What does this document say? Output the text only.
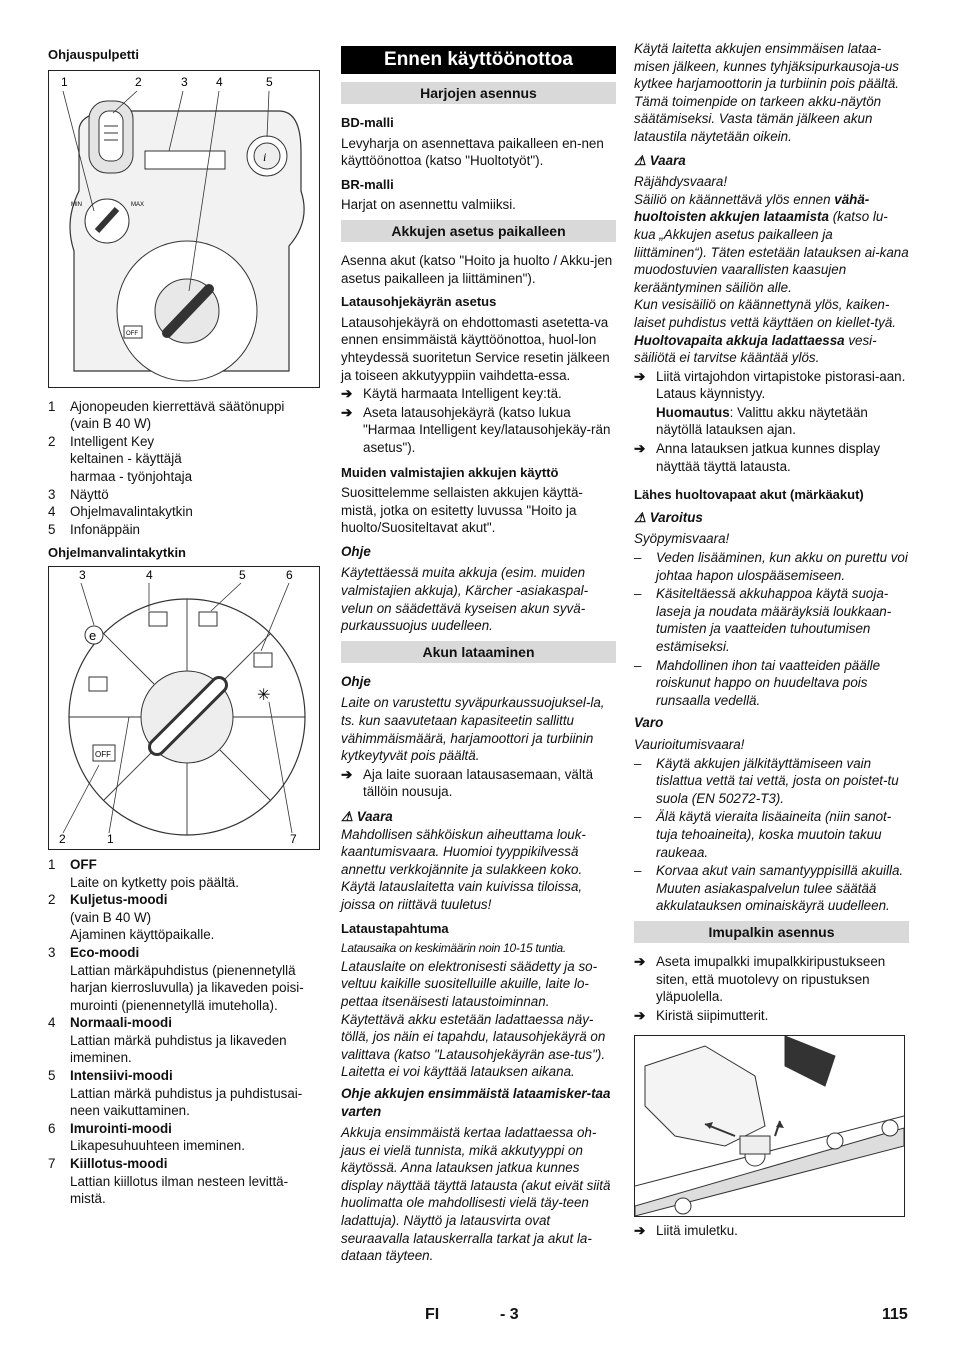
Ohjauspulpetti
1	2	3 4	5
i
MIN	MAX
OFF
1	Ajonopeuden kierrettävä säätönuppi
(vain B 40 W)
2	Intelligent Key
keltainen - käyttäjä
harmaa - työnjohtaja
3	Näyttö
4	Ohjelmavalintakytkin
5	Infonäppäin
Ohjelmanvalintakytkin
3	4	5	6
2	1	7
e
OFF
✳
1	OFF
Laite on kytketty pois päältä.
2	Kuljetus-moodi
(vain B 40 W)
Ajaminen käyttöpaikalle.
3	Eco-moodi
Lattian märkäpuhdistus (pienennetyllä harjan kierrosluvulla) ja likaveden poisi-murointi (pienennetyllä imuteholla).
4	Normaali-moodi
Lattian märkä puhdistus ja likaveden imeminen.
5	Intensiivi-moodi
Lattian märkä puhdistus ja puhdistusai-neen vaikuttaminen.
6	Imurointi-moodi
Likapesuhuuhteen imeminen.
7	Kiillotus-moodi
Lattian kiillotus ilman nesteen levittä-mistä.
Ennen käyttöönottoa
Harjojen asennus
BD-malli

Levyharja on asennettava paikalleen en-nen käyttöönottoa (katso "Huoltotyöt").

BR-malli

Harjat on asennettu valmiiksi.

Akkujen asetus paikalleen

Asenna akut (katso "Hoito ja huolto / Akku-jen asetus paikalleen ja liittäminen").

Latausohjekäyrän asetus

Latausohjekäyrä on ehdottomasti asetetta-va ennen ensimmäistä käyttöönottoa, huol-lon yhteydessä suoritetun Service resetin jälkeen ja toiseen akkutyyppiin vaihdetta-essa.

➔ Käytä harmaata Intelligent key:tä.
➔ Aseta latausohjekäyrä (katso lukua "Harmaa Intelligent key/latausohjekäy-rän asetus").
Muiden valmistajien akkujen käyttö

Suosittelemme sellaisten akkujen käyttä-mistä, jotka on esitetty luvussa "Hoito ja huolto/Suositeltavat akut".

Ohje

Käytettäessä muita akkuja (esim. muiden valmistajien akkuja), Kärcher -asiakaspal-velun on säädettävä kyseisen akun syvä-purkaussuojus uudelleen.

Akun lataaminen

Ohje

Laite on varustettu syväpurkaussuojuksel-la, ts. kun saavutetaan kapasiteetin sallittu vähimmäismäärä, harjamoottori ja turbiinin kytkeytyvät pois päältä.

➔ Aja laite suoraan latausasemaan, vältä tällöin nousuja.

⚠ Vaara

Mahdollisen sähköiskun aiheuttama louk-kaantumisvaara. Huomioi tyyppikilvessä annettu verkkojännite ja sulakkeen koko. Käytä latauslaitetta vain kuivissa tiloissa, joissa on riittävä tuuletus!

Lataustapahtuma

Latausaika on keskimäärin noin 10-15 tuntia.

Latauslaite on elektronisesti säädetty ja so-veltuu kaikille suositelluille akuille, laite lo-pettaa itsenäisesti lataustoiminnan. Käytettävä akku estetään ladattaessa näy-töllä, jos näin ei tapahdu, latausohjekäyrä on valittava (katso "Latausohjekäyrän ase-tus").

Laitetta ei voi käyttää latauksen aikana.

Ohje akkujen ensimmäistä lataamisker-taa varten

Akkuja ensimmäistä kertaa ladattaessa oh-jaus ei vielä tunnista, mikä akkutyyppi on käytössä. Anna latauksen jatkua kunnes display näyttää täyttä latausta (akut eivät siitä huolimatta ole mahdollisesti vielä täy-teen ladattuja). Näyttö ja latausvirta ovat seuraavalla latauskerralla tarkat ja akut la-dataan täyteen.

Käytä laitetta akkujen ensimmäisen lataa-misen jälkeen, kunnes tyhjäksipurkausoja-us kytkee harjamoottorin ja turbiinin pois päältä. Tämä toimenpide on tarkeen akku-näytön säätämiseksi. Vasta tämän jälkeen akun lataustila näytetään oikein.

⚠ Vaara

Räjähdysvaara!

Säiliö on käännettävä ylös ennen vähä-huoltoisten akkujen lataamista (katso lu-kua „Akkujen asetus paikalleen ja liittäminen“). Täten estetään latauksen ai-kana muodostuvien vaarallisten kaasujen kerääntyminen säiliön alle.

Kun vesisäiliö on käännettynä ylös, kaiken-laiset puhdistus vettä käyttäen on kiellet-tyä.

Huoltovapaita akkuja ladattaessa vesi-säiliötä ei tarvitse kääntää ylös.

➔ Liitä virtajohdon virtapistoke pistorasi-aan. Lataus käynnistyy.
Huomautus: Valittu akku näytetään näytöllä latauksen ajan.
➔ Anna latauksen jatkua kunnes display näyttää täyttä latausta.
Lähes huoltovapaat akut (märkäakut)

⚠ Varoitus

Syöpymisvaara!

–	Veden lisääminen, kun akku on purettu voi johtaa hapon ulospääsemiseen.
–	Käsiteltäessä akkuhappoa käytä suoja-laseja ja noudata määräyksiä loukkaan-tumisten ja vaatteiden tuhoutumisen estämiseksi.
–	Mahdollinen ihon tai vaatteiden päälle roiskunut happo on huudeltava pois runsaalla vedellä.

Varo

Vaurioitumisvaara!

–	Käytä akkujen jälkitäyttämiseen vain tislattua vettä tai vettä, josta on poistet-tu suola (EN 50272-T3).
–	Älä käytä vieraita lisäaineita (niin sanot-tuja tehoaineita), koska muutoin takuu raukeaa.
–	Korvaa akut vain samantyyppisillä akuilla. Muuten asiakaspalvelun tulee säätää akkulatauksen ominaiskäyrä uudelleen.
Imupalkin asennus
➔ Aseta imupalkki imupalkkiripustukseen siten, että muotolevy on ripustuksen yläpuolella.
➔ Kiristä siipimutterit.
➔ Liitä imuletku.
FI	- 3	115
